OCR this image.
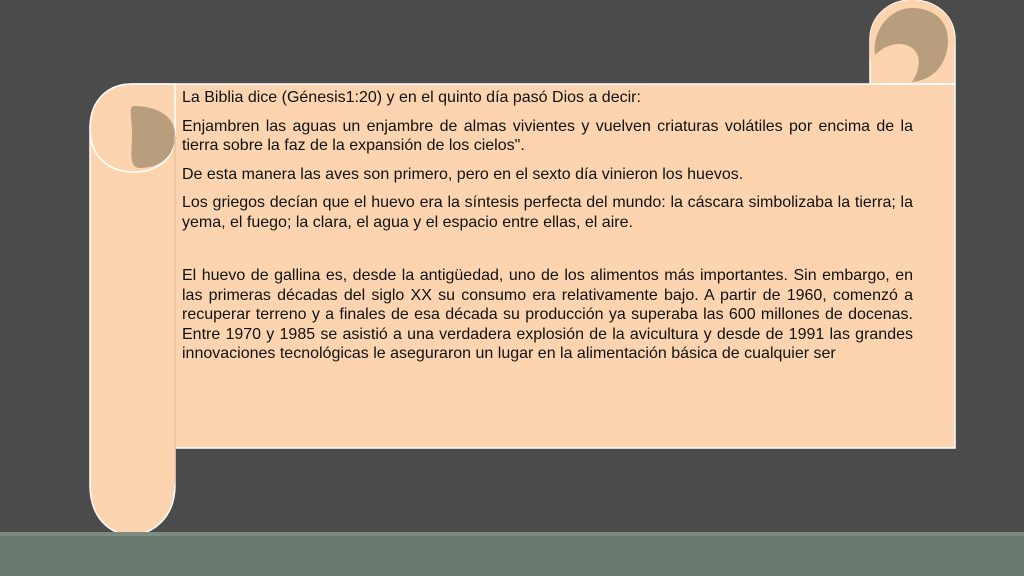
La Biblia dice (Génesis1:20) y en el quinto día pasó Dios a decir:

Enjambren las aguas un enjambre de almas vivientes y vuelven criaturas volátiles por encima de la tierra sobre la faz de la expansión de los cielos".

De esta manera las aves son primero, pero en el sexto día vinieron los huevos.

Los griegos decían que el huevo era la síntesis perfecta del mundo: la cáscara simbolizaba la tierra; la yema, el fuego; la clara, el agua y el espacio entre ellas, el aire.

El huevo de gallina es, desde la antigüedad, uno de los alimentos más importantes. Sin embargo, en las primeras décadas del siglo XX su consumo era relativamente bajo. A partir de 1960, comenzó a recuperar terreno y a finales de esa década su producción ya superaba las 600 millones de docenas. Entre 1970 y 1985 se asistió a una verdadera explosión de la avicultura y desde de 1991 las grandes innovaciones tecnológicas le aseguraron un lugar en la alimentación básica de cualquier ser
